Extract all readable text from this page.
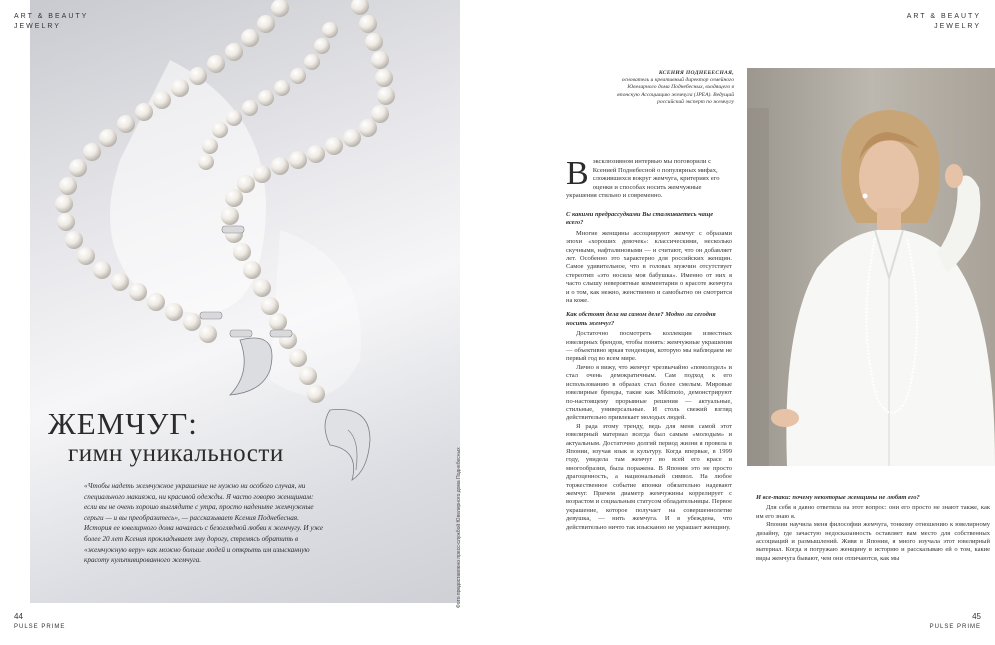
ART & BEAUTY
JEWELRY
ЖЕМЧУГ:
гимн уникальности
«Чтобы надеть жемчужное украшение не нужно ни особого случая, ни специального макияжа, ни красивой одежды. Я часто говорю женщинам: если вы не очень хорошо выглядите с утра, просто наденьте жемчужные серьги — и вы преобразитесь», — рассказывает Ксения Поднебесная. История ее ювелирного дома началась с безоглядной любви к жемчугу. И уже более 20 лет Ксения прокладывает эму дорогу, стремясь обратить в «жемчужную веру» как можно больше людей и открыть им изысканную красоту культивированного жемчуга.	Фото предоставлено пресс-службой Ювелирного дома Поднебесных
44
PULSE PRIME
ART & BEAUTY
JEWELRY
45
PULSE PRIME
КСЕНИЯ ПОДНЕБЕСНАЯ,
основатель и креативный директор семейного Ювелирного дома Поднебесных, входящего в японскую Ассоциацию жемчуга (JPEA). Ведущий российский эксперт по жемчугу
Вэксклюзивном интервью мы поговорили с Ксенией Поднебесной о популярных мифах, сложившихся вокруг жемчуга, критериях его оценки и способах носить жемчужные украшения стильно и современно.
С какими предрассудками Вы сталкиваетесь чаще всего?

Многие женщины ассоциируют жемчуг с образами эпохи «хороших девочек»: классическими, несколько скучными, нафталиновыми — и считают, что он добавляет лет. Особенно это характерно для российских женщин. Самое удивительное, что в головах мужчин отсутствует стереотип «это носила моя бабушка». Именно от них я часто слышу невероятные комментарии о красоте жемчуга и о том, как нежно, женственно и самобытно он смотрится на коже.

Как обстоят дела на самом деле? Модно ли сегодня носить жемчуг?

Достаточно посмотреть коллекции известных ювелирных брендов, чтобы понять: жемчужные украшения — объективно яркая тенденция, которую мы наблюдаем не первый год во всем мире.

Лично я вижу, что жемчуг чрезвычайно «помолодел» и стал очень демократичным. Сам подход к его использованию в образах стал более смелым. Мировые ювелирные бренды, такие как Mikimoto, демонстрируют по-настоящему прорывные решения — актуальные, стильные, универсальные. И столь свежий взгляд действительно привлекает молодых людей.

Я рада этому тренду, ведь для меня самой этот ювелирный материал всегда был самым «молодым» и актуальным. Достаточно долгий период жизни я провела в Японии, изучая язык и культуру. Когда впервые, в 1999 году, увидела там жемчуг во всей его красе и многообразии, была поражена. В Японии это не просто драгоценность, а национальный символ. На любое торжественное событие японки обязательно надевают жемчуг. Причем диаметр жемчужины коррелирует с возрастом и социальным статусом обладательницы. Первое украшение, которое получает на совершеннолетие девушка, — нить жемчуга. И я убеждена, что действительно ничто так изысканно не украшает женщину.

И все-таки: почему некоторые женщины не любят его?

Для себя я давно ответила на этот вопрос: они его просто не знают также, как им его знаю я.

Японии научила меня философии жемчуга, тонкому отношению к ювелирному дизайну, где зачастую недосказанность оставляет вам место для собственных ассоциаций и размышлений. Живя в Японии, я много изучала этот ювелирный материал. Когда я погружаю женщину в историю и рассказываю ей о том, какие виды жемчуга бывают, чем они отличаются, как мы
